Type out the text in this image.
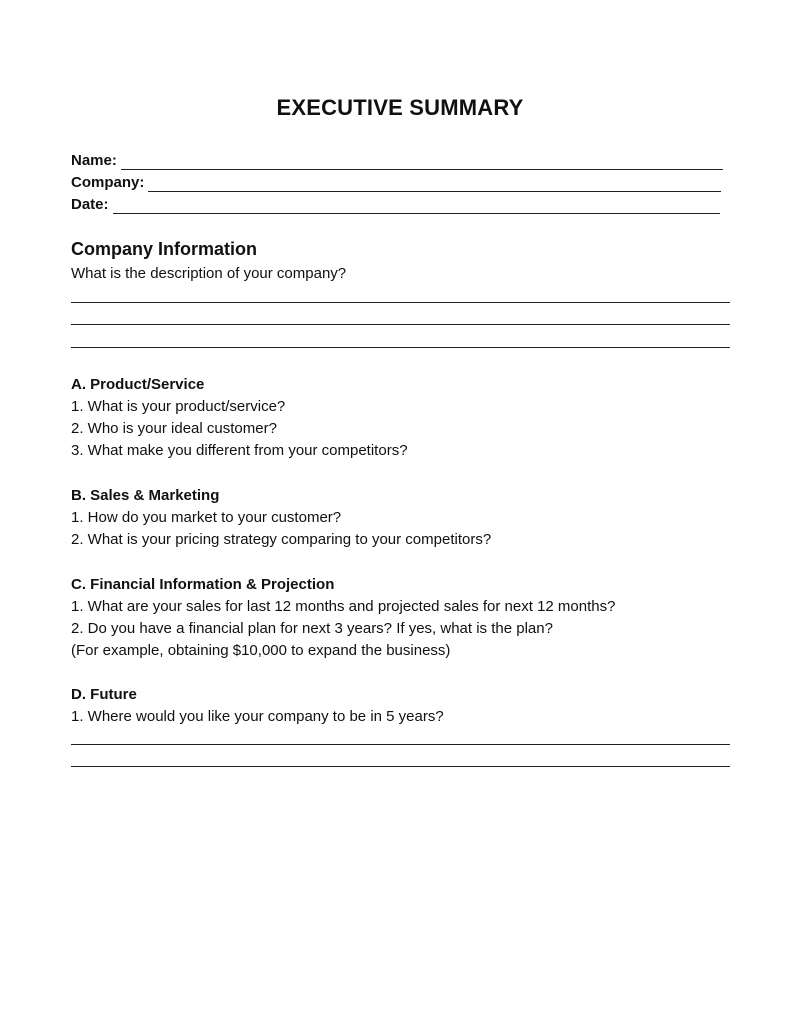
EXECUTIVE SUMMARY
Name:
Company:
Date:
Company Information
What is the description of your company?
A. Product/Service
1. What is your product/service?
2. Who is your ideal customer?
3. What make you different from your competitors?
B. Sales & Marketing
1. How do you market to your customer?
2. What is your pricing strategy comparing to your competitors?
C. Financial Information & Projection
1. What are your sales for last 12 months and projected sales for next 12 months?
2. Do you have a financial plan for next 3 years? If yes, what is the plan?
(For example, obtaining $10,000 to expand the business)
D. Future
1. Where would you like your company to be in 5 years?
